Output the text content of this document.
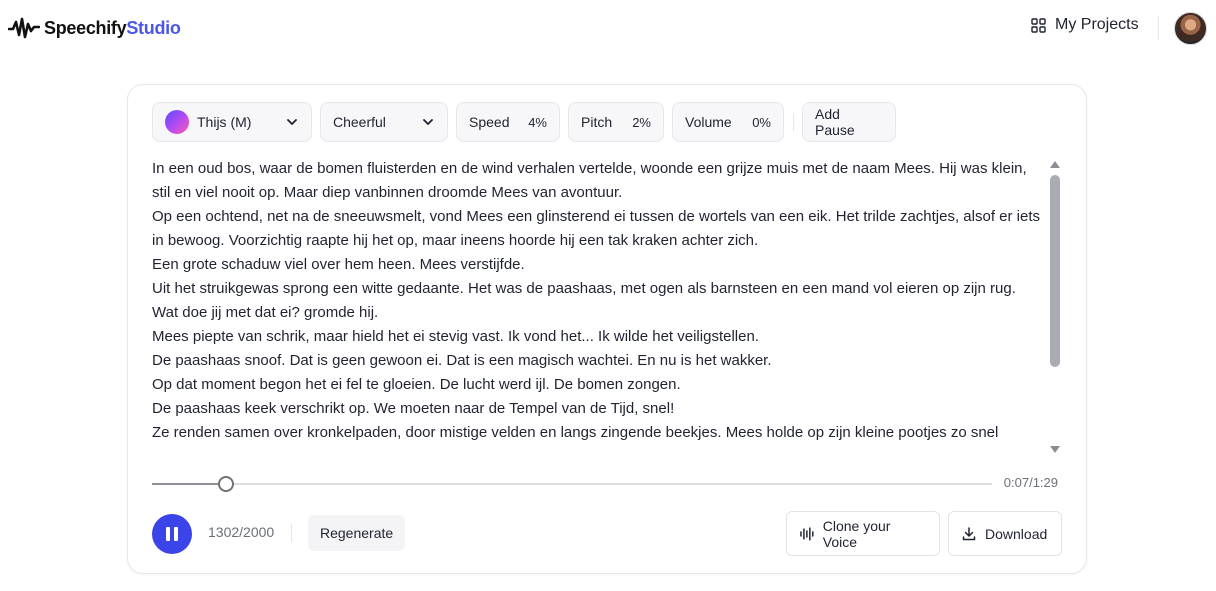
SpeechifyStudio	My Projects
Thijs (M)	Cheerful	Speed 4% Pitch 2% Volume 0%	Add Pause

In een oud bos, waar de bomen fluisterden en de wind verhalen vertelde, woonde een grijze muis met de naam Mees. Hij was klein, stil en viel nooit op. Maar diep vanbinnen droomde Mees van avontuur.

Op een ochtend, net na de sneeuwsmelt, vond Mees een glinsterend ei tussen de wortels van een eik. Het trilde zachtjes, alsof er iets in bewoog. Voorzichtig raapte hij het op, maar ineens hoorde hij een tak kraken achter zich.

Een grote schaduw viel over hem heen. Mees verstijfde.

Uit het struikgewas sprong een witte gedaante. Het was de paashaas, met ogen als barnsteen en een mand vol eieren op zijn rug.

Wat doe jij met dat ei? gromde hij.

Mees piepte van schrik, maar hield het ei stevig vast. Ik vond het... Ik wilde het veiligstellen.

De paashaas snoof. Dat is geen gewoon ei. Dat is een magisch wachtei. En nu is het wakker.

Op dat moment begon het ei fel te gloeien. De lucht werd ijl. De bomen zongen.

De paashaas keek verschrikt op. We moeten naar de Tempel van de Tijd, snel!

Ze renden samen over kronkelpaden, door mistige velden en langs zingende beekjes. Mees holde op zijn kleine pootjes zo snel

0:07/1:29
1302/2000	Regenerate	Clone your Voice	Download
